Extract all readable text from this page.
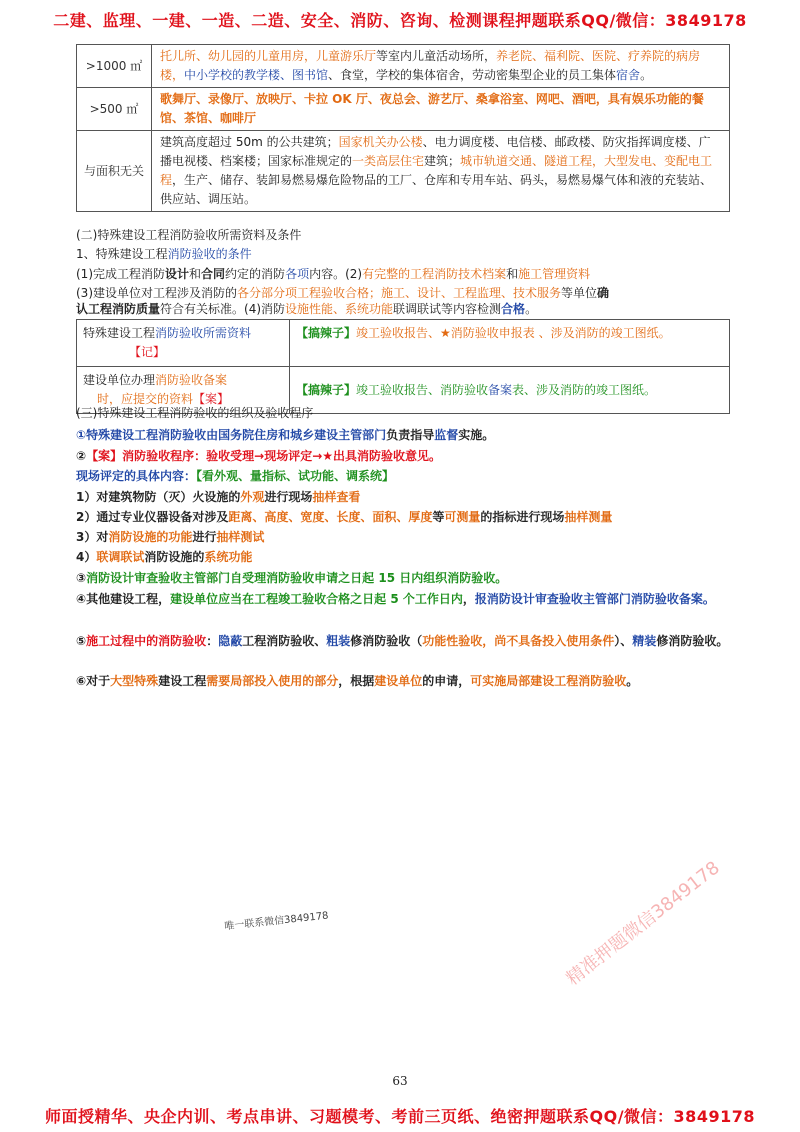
二建、监理、一建、一造、二造、安全、消防、咨询、检测课程押题联系QQ/微信：3849178
>1000 ㎡	托儿所、幼儿园的儿童用房，儿童游乐厅等室内儿童活动场所，养老院、福利院、医院、疗养院的病房楼，中小学校的教学楼、图书馆、食堂，学校的集体宿舍，劳动密集型企业的员工集体宿舍。
>500 ㎡	歌舞厅、录像厅、放映厅、卡拉 OK 厅、夜总会、游艺厅、桑拿浴室、网吧、酒吧，具有娱乐功能的餐馆、茶馆、咖啡厅
与面积无关	建筑高度超过 50m 的公共建筑；国家机关办公楼、电力调度楼、电信楼、邮政楼、防灾指挥调度楼、广播电视楼、档案楼；国家标准规定的一类高层住宅建筑；城市轨道交通、隧道工程，大型发电、变配电工程，生产、储存、装卸易燃易爆危险物品的工厂、仓库和专用车站、码头，易燃易爆气体和液的充装站、供应站、调压站。
(二)特殊建设工程消防验收所需资料及条件
1、特殊建设工程消防验收的条件
(1)完成工程消防设计和合同约定的消防各项内容。(2)有完整的工程消防技术档案和施工管理资料
(3)建设单位对工程涉及消防的各分部分项工程验收合格；施工、设计、工程监理、技术服务等单位确
认工程消防质量符合有关标准。(4)消防设施性能、系统功能联调联试等内容检测合格。
特殊建设工程消防验收所需资料
【记】	【搞辣子】竣工验收报告、★消防验收申报表 、涉及消防的竣工图纸。
建设单位办理消防验收备案
时，应提交的资料【案】	【搞辣子】竣工验收报告、消防验收备案表、涉及消防的竣工图纸。
(三)特殊建设工程消防验收的组织及验收程序
①特殊建设工程消防验收由国务院住房和城乡建设主管部门负责指导监督实施。
②【案】消防验收程序：验收受理→现场评定→★出具消防验收意见。
现场评定的具体内容：【看外观、量指标、试功能、调系统】
1）对建筑物防（灭）火设施的外观进行现场抽样查看
2）通过专业仪器设备对涉及距离、高度、宽度、长度、面积、厚度等可测量的指标进行现场抽样测量
3）对消防设施的功能进行抽样测试
4）联调联试消防设施的系统功能
③消防设计审查验收主管部门自受理消防验收申请之日起 15 日内组织消防验收。
④其他建设工程，建设单位应当在工程竣工验收合格之日起 5 个工作日内，报消防设计审查验收主管部门消防验收备案。
⑤施工过程中的消防验收：隐蔽工程消防验收、粗装修消防验收（功能性验收，尚不具备投入使用条件）、精装修消防验收。
⑥对于大型特殊建设工程需要局部投入使用的部分，根据建设单位的申请，可实施局部建设工程消防验收。
唯一联系微信3849178	精准押题微信3849178
63
师面授精华、央企内训、考点串讲、习题模考、考前三页纸、绝密押题联系QQ/微信：3849178
